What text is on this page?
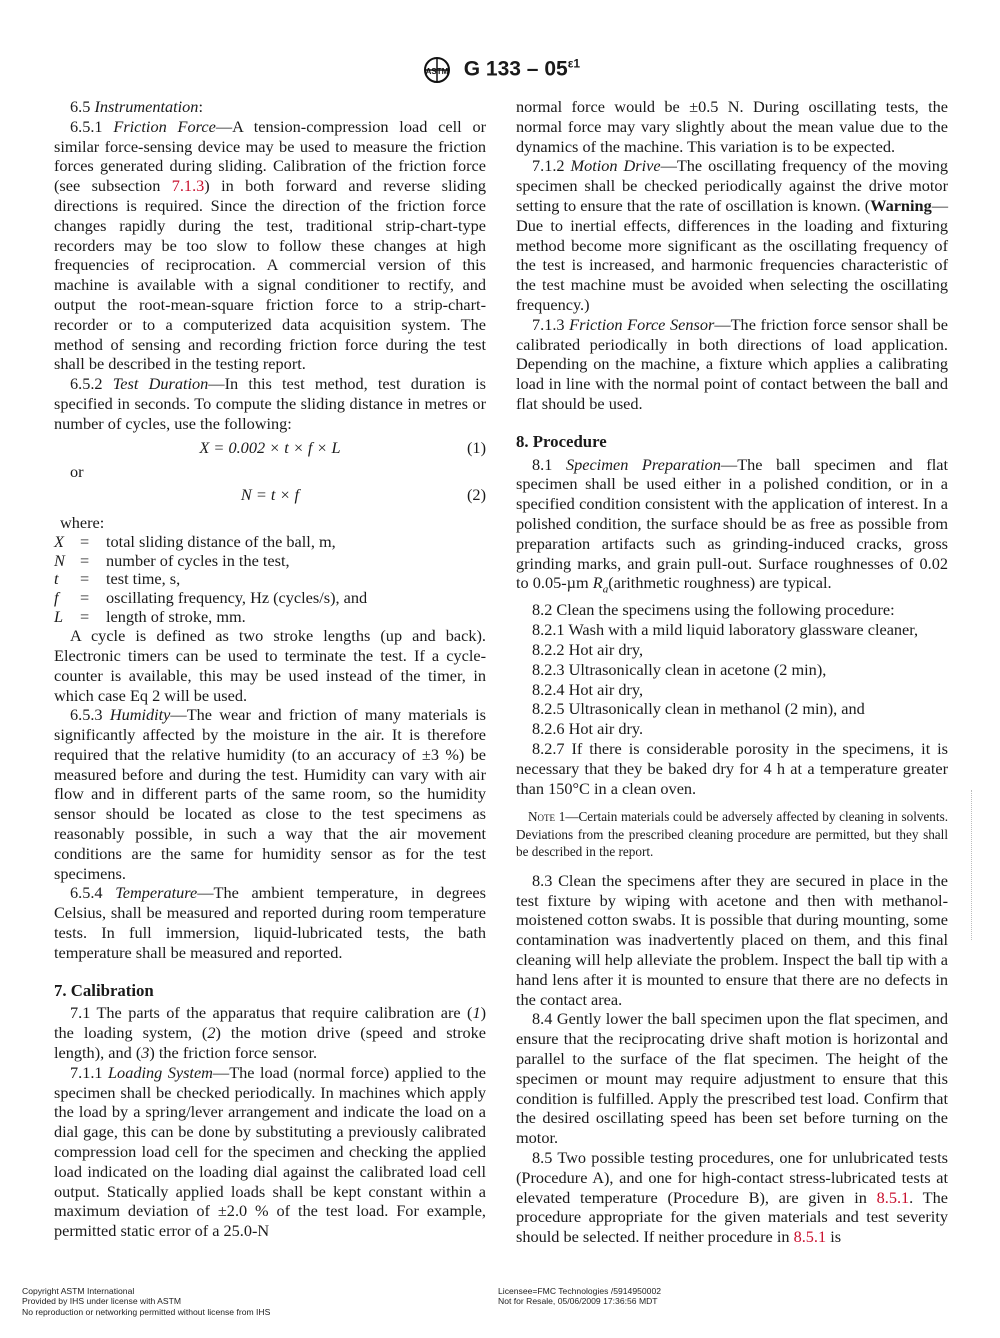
ASTM G $133 - 05^{\varepsilon 1}$

6.5 Instrumentation:

6.5.1 Friction Force—A tension-compression load cell or similar force-sensing device may be used to measure the friction forces generated during sliding. Calibration of the friction force (see subsection 7.1.3) in both forward and reverse sliding directions is required. Since the direction of the friction force changes rapidly during the test, traditional strip-chart-type recorders may be too slow to follow these changes at high frequencies of reciprocation. A commercial version of this machine is available with a signal conditioner to rectify, and output the root-mean-square friction force to a strip-chart-recorder or to a computerized data acquisition system. The method of sensing and recording friction force during the test shall be described in the testing report.

6.5.2 Test Duration—In this test method, test duration is specified in seconds. To compute the sliding distance in metres or number of cycles, use the following:

X = 0.002 × t × f × L	(1)

or

N = t × f	(2)

where:

X =	total sliding distance of the ball, m,
N =	number of cycles in the test,
t	=	test time, s,
f	=	oscillating frequency, Hz (cycles/s), and
L	=	length of stroke, mm.

A cycle is defined as two stroke lengths (up and back). Electronic timers can be used to terminate the test. If a cycle-counter is available, this may be used instead of the timer, in which case Eq 2 will be used.

6.5.3 Humidity—The wear and friction of many materials is significantly affected by the moisture in the air. It is therefore required that the relative humidity (to an accuracy of ±3 %) be measured before and during the test. Humidity can vary with air flow and in different parts of the same room, so the humidity sensor should be located as close to the test specimens as reasonably possible, in such a way that the air movement conditions are the same for humidity sensor as for the test specimens.

6.5.4 Temperature—The ambient temperature, in degrees Celsius, shall be measured and reported during room temperature tests. In full immersion, liquid-lubricated tests, the bath temperature shall be measured and reported.

7. Calibration

7.1 The parts of the apparatus that require calibration are (1) the loading system, (2) the motion drive (speed and stroke length), and (3) the friction force sensor.

7.1.1 Loading System—The load (normal force) applied to the specimen shall be checked periodically. In machines which apply the load by a spring/lever arrangement and indicate the load on a dial gage, this can be done by substituting a previously calibrated compression load cell for the specimen and checking the applied load indicated on the loading dial against the calibrated load cell output. Statically applied loads shall be kept constant within a maximum deviation of ±2.0 % of the test load. For example, permitted static error of a 25.0-N

normal force would be ±0.5 N. During oscillating tests, the normal force may vary slightly about the mean value due to the dynamics of the machine. This variation is to be expected.

7.1.2 Motion Drive—The oscillating frequency of the moving specimen shall be checked periodically against the drive motor setting to ensure that the rate of oscillation is known. (Warning—Due to inertial effects, differences in the loading and fixturing method become more significant as the oscillating frequency of the test is increased, and harmonic frequencies characteristic of the test machine must be avoided when selecting the oscillating frequency.)

7.1.3 Friction Force Sensor—The friction force sensor shall be calibrated periodically in both directions of load application. Depending on the machine, a fixture which applies a calibrating load in line with the normal point of contact between the ball and flat should be used.

8. Procedure

8.1 Specimen Preparation—The ball specimen and flat specimen shall be used either in a polished condition, or in a specified condition consistent with the application of interest. In a polished condition, the surface should be as free as possible from preparation artifacts such as grinding-induced cracks, gross grinding marks, and grain pull-out. Surface roughnesses of 0.02 to 0.05-µm $R_a(arithmetic$ roughness) are typical.

8.2 Clean the specimens using the following procedure:

8.2.1 Wash with a mild liquid laboratory glassware cleaner,

8.2.2 Hot air dry,

8.2.3 Ultrasonically clean in acetone (2 min),

8.2.4 Hot air dry,

8.2.5 Ultrasonically clean in methanol (2 min), and

8.2.6 Hot air dry.

8.2.7 If there is considerable porosity in the specimens, it is necessary that they be baked dry for 4 h at a temperature greater than 150°C in a clean oven.

Note 1—Certain materials could be adversely affected by cleaning in solvents. Deviations from the prescribed cleaning procedure are permitted, but they shall be described in the report.

8.3 Clean the specimens after they are secured in place in the test fixture by wiping with acetone and then with methanol-moistened cotton swabs. It is possible that during mounting, some contamination was inadvertently placed on them, and this final cleaning will help alleviate the problem. Inspect the ball tip with a hand lens after it is mounted to ensure that there are no defects in the contact area.

8.4 Gently lower the ball specimen upon the flat specimen, and ensure that the reciprocating drive shaft motion is horizontal and parallel to the surface of the flat specimen. The height of the specimen or mount may require adjustment to ensure that this condition is fulfilled. Apply the prescribed test load. Confirm that the desired oscillating speed has been set before turning on the motor.

8.5 Two possible testing procedures, one for unlubricated tests (Procedure A), and one for high-contact stress-lubricated tests at elevated temperature (Procedure B), are given in 8.5.1. The procedure appropriate for the given materials and test severity should be selected. If neither procedure in 8.5.1 is

Copyright ASTM International
Provided by IHS under license with ASTM
No reproduction or networking permitted without license from IHS
Licensee=FMC Technologies /5914950002
Not for Resale, 05/06/2009 17:36:56 MDT
